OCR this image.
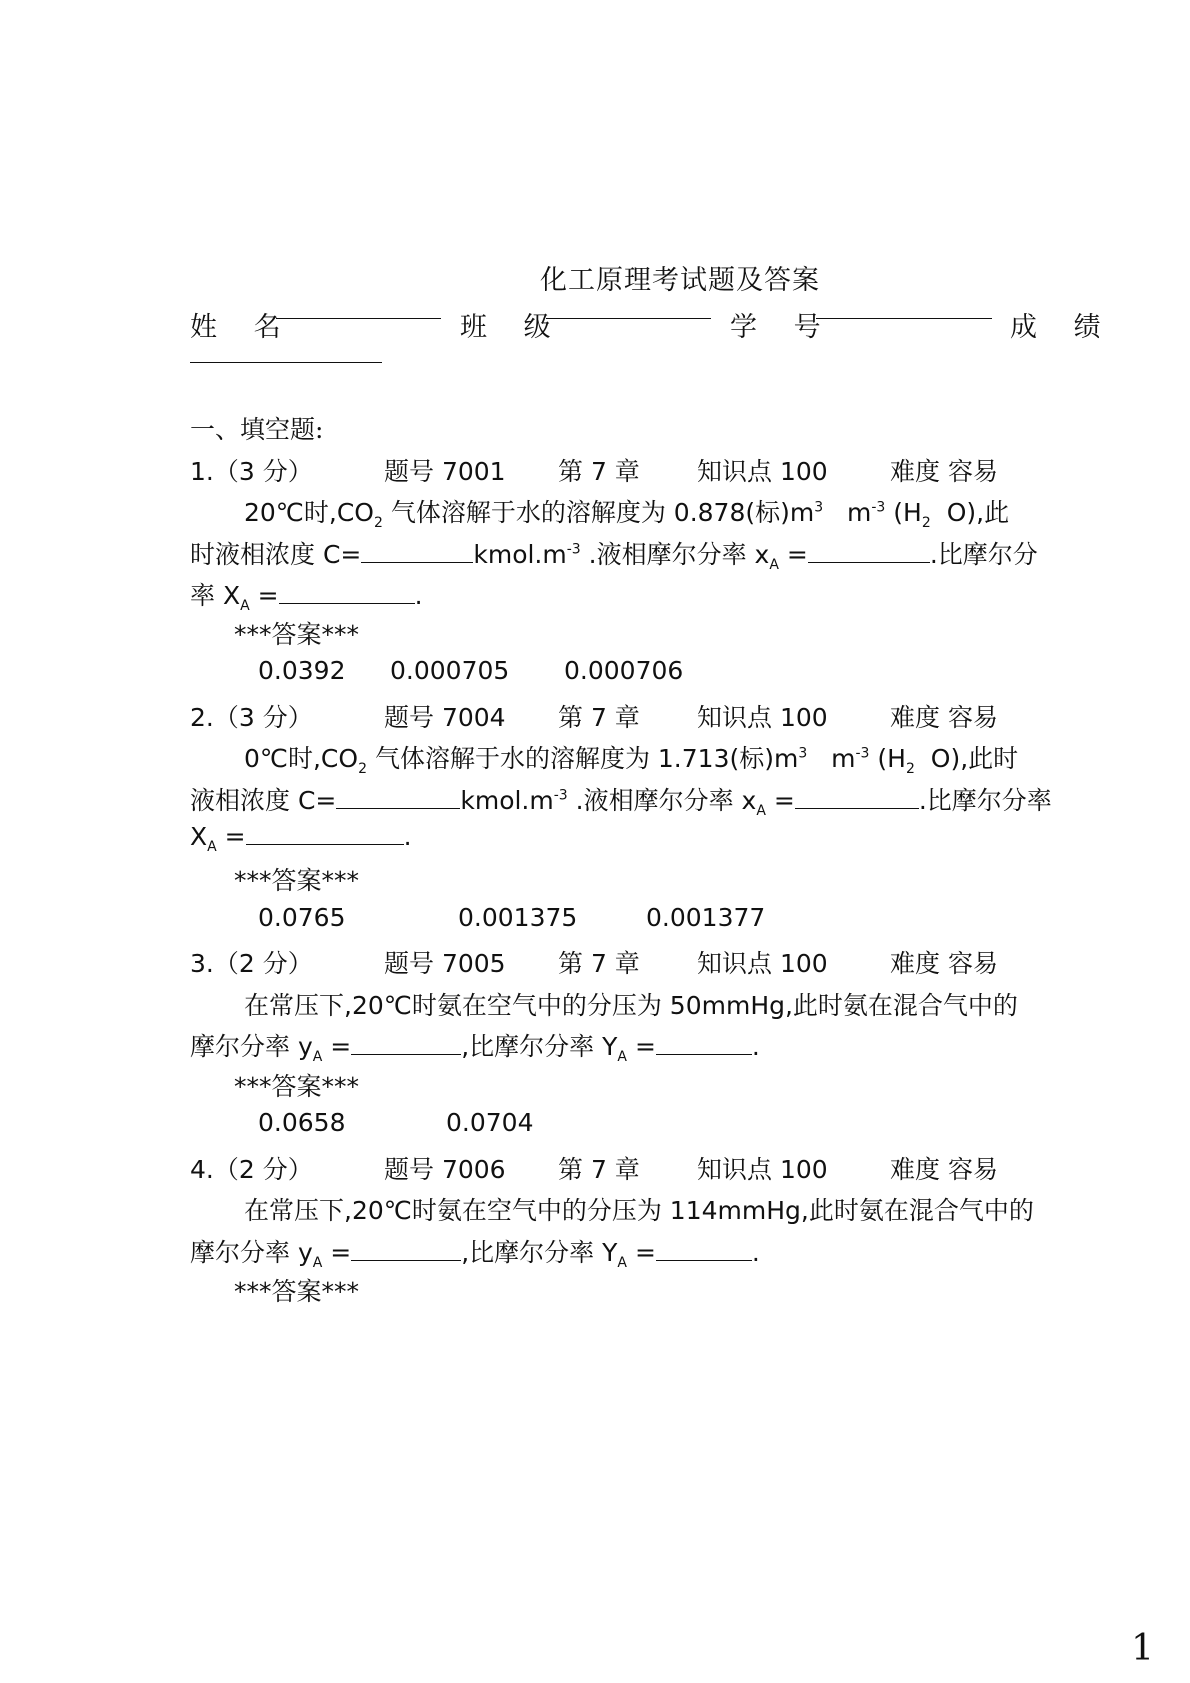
化工原理考试题及答案
姓 名	班 级	学 号	成 绩
一、填空题:
1.（3 分）	题号 7001 第 7 章 知识点 100 难度 容易
20℃时$,CO_2$ 气体溶解于水的溶解度为 0.878(标)$m^3$ $m^{-3}$ ($H_2$ O),此
时液相浓度 C=	$kmol.m^{-3}$ .液相摩尔分率 $x_A$ =	.比摩尔分
率 $X_A$ =	.
***答案***
0.0392 0.000705 0.000706
2.（3 分）	题号 7004 第 7 章 知识点 100 难度 容易
0℃时$,CO_2$ 气体溶解于水的溶解度为 1.713(标)$m^3$ $m^{-3}$ ($H_2$ O),此时
液相浓度 C=	$kmol.m^{-3}$ .液相摩尔分率 $x_A$ =	.比摩尔分率
$X_A$ =	.
***答案***
0.0765	0.001375	0.001377
3.（2 分）	题号 7005 第 7 章 知识点 100 难度 容易
在常压下,20℃时氨在空气中的分压为 50mmHg,此时氨在混合气中的
摩尔分率 $y_A$ =	,比摩尔分率 $Y_A$ =	.
***答案***
0.0658	0.0704
4.（2 分）	题号 7006 第 7 章 知识点 100 难度 容易
在常压下,20℃时氨在空气中的分压为 114mmHg,此时氨在混合气中的
摩尔分率 $y_A$ =	,比摩尔分率 $Y_A$ =	.
***答案***
1
